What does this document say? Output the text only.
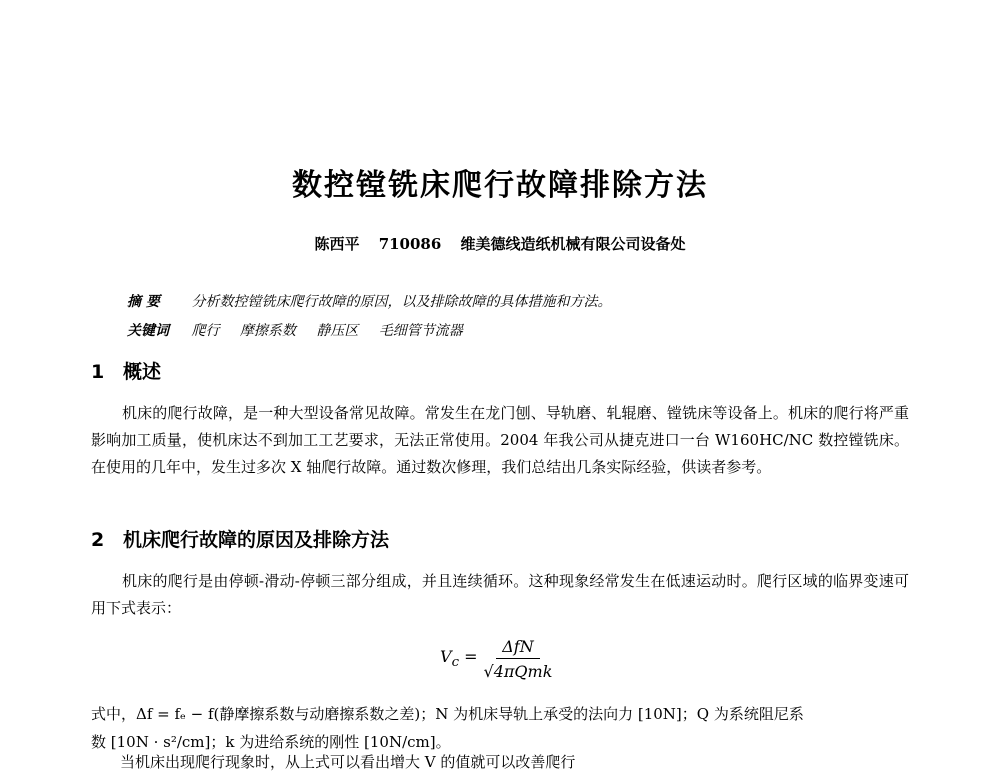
数控镗铣床爬行故障排除方法
陈西平 710086 维美德线造纸机械有限公司设备处
摘 要 分析数控镗铣床爬行故障的原因，以及排除故障的具体措施和方法。
关键词 爬行 摩擦系数 静压区 毛细管节流器
1 概述

机床的爬行故障，是一种大型设备常见故障。常发生在龙门刨、导轨磨、轧辊磨、镗铣床等设备上。机床的爬行将严重影响加工质量，使机床达不到加工工艺要求，无法正常使用。2004 年我公司从捷克进口一台 W160HC/NC 数控镗铣床。在使用的几年中，发生过多次 X 轴爬行故障。通过数次修理，我们总结出几条实际经验，供读者参考。

2 机床爬行故障的原因及排除方法

机床的爬行是由停顿-滑动-停顿三部分组成，并且连续循环。这种现象经常发生在低速运动时。爬行区域的临界变速可用下式表示：

$V_c = \frac{\text{ΔfN}}{\text{√4πQmk}}$

式中，Δf = fₑ − f(静摩擦系数与动磨擦系数之差)；N 为机床导轨上承受的法向力 [10N]；Q 为系统阻尼系

数 [10N · s²/cm]；k 为进给系统的刚性 [10N/cm]。

当机床出现爬行现象时，从上式可以看出增大 V 的值就可以改善爬行
